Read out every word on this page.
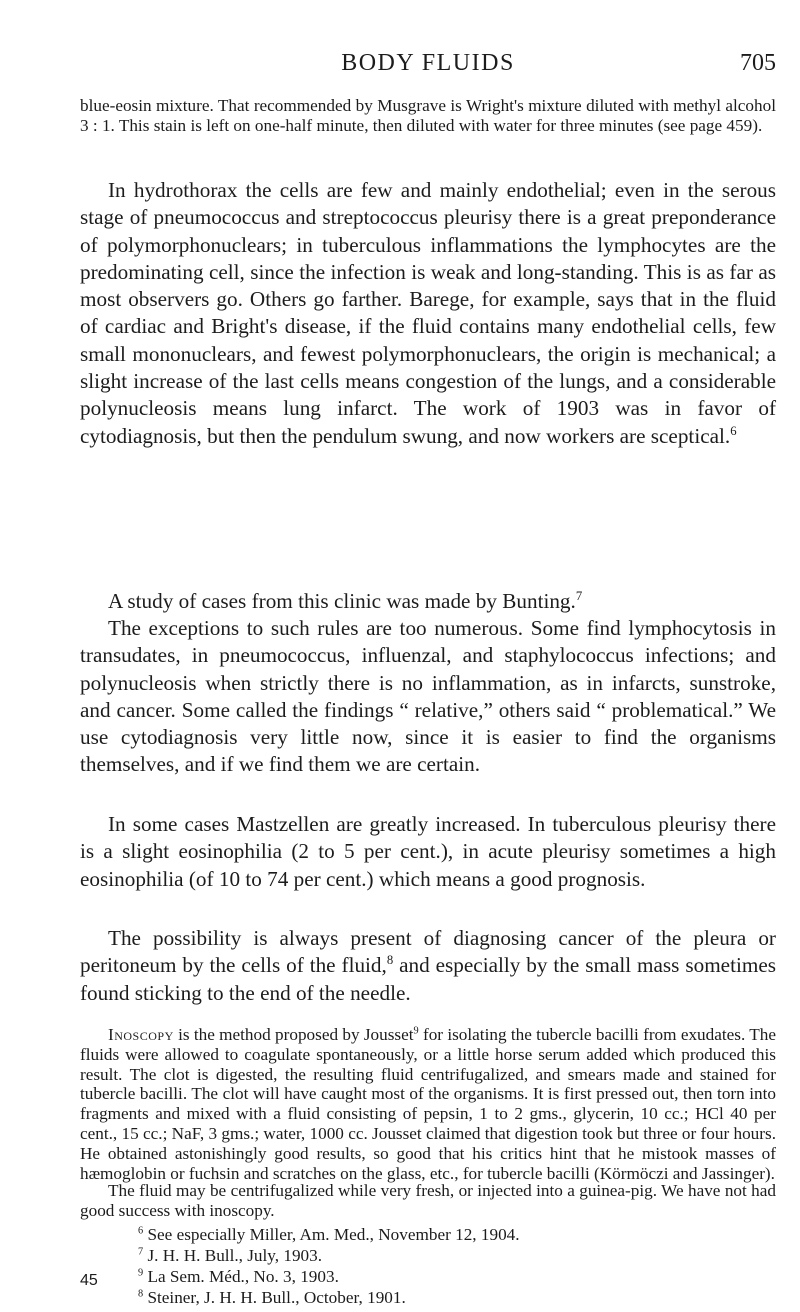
BODY FLUIDS	705

blue-eosin mixture. That recommended by Musgrave is Wright's mixture diluted with methyl alcohol 3 : 1. This stain is left on one-half minute, then diluted with water for three minutes (see page 459).

In hydrothorax the cells are few and mainly endothelial; even in the serous stage of pneumococcus and streptococcus pleurisy there is a great preponderance of polymorphonuclears; in tuberculous inflammations the lymphocytes are the predominating cell, since the infection is weak and long-standing. This is as far as most observers go. Others go farther. Barege, for example, says that in the fluid of cardiac and Bright's disease, if the fluid contains many endothelial cells, few small mononuclears, and fewest polymorphonuclears, the origin is mechanical; a slight increase of the last cells means congestion of the lungs, and a considerable polynucleosis means lung infarct. The work of 1903 was in favor of cytodiagnosis, but then the pendulum swung, and now workers are sceptical.$^6$

A study of cases from this clinic was made by Bunting.$^7$

The exceptions to such rules are too numerous. Some find lymphocytosis in transudates, in pneumococcus, influenzal, and staphylococcus infections; and polynucleosis when strictly there is no inflammation, as in infarcts, sunstroke, and cancer. Some called the findings “ relative,” others said “ problematical.” We use cytodiagnosis very little now, since it is easier to find the organisms themselves, and if we find them we are certain.

In some cases Mastzellen are greatly increased. In tuberculous pleurisy there is a slight eosinophilia (2 to 5 per cent.), in acute pleurisy sometimes a high eosinophilia (of 10 to 74 per cent.) which means a good prognosis.

The possibility is always present of diagnosing cancer of the pleura or peritoneum by the cells of the fluid,$^8$ and especially by the small mass sometimes found sticking to the end of the needle.

Inoscopy is the method proposed by Jousset$^9$ for isolating the tubercle bacilli from exudates. The fluids were allowed to coagulate spontaneously, or a little horse serum added which produced this result. The clot is digested, the resulting fluid centrifugalized, and smears made and stained for tubercle bacilli. The clot will have caught most of the organisms. It is first pressed out, then torn into fragments and mixed with a fluid consisting of pepsin, 1 to 2 gms., glycerin, 10 cc.; HCl 40 per cent., 15 cc.; NaF, 3 gms.; water, 1000 cc. Jousset claimed that digestion took but three or four hours. He obtained astonishingly good results, so good that his critics hint that he mistook masses of hæmoglobin or fuchsin and scratches on the glass, etc., for tubercle bacilli (Körmöczi and Jassinger).

The fluid may be centrifugalized while very fresh, or injected into a guinea-pig. We have not had good success with inoscopy.

$^6$ See especially Miller, Am. Med., November 12, 1904.
$^7$ J. H. H. Bull., July, 1903.
$^9$ La Sem. Méd., No. 3, 1903.
$^8$ Steiner, J. H. H. Bull., October, 1901.
45
